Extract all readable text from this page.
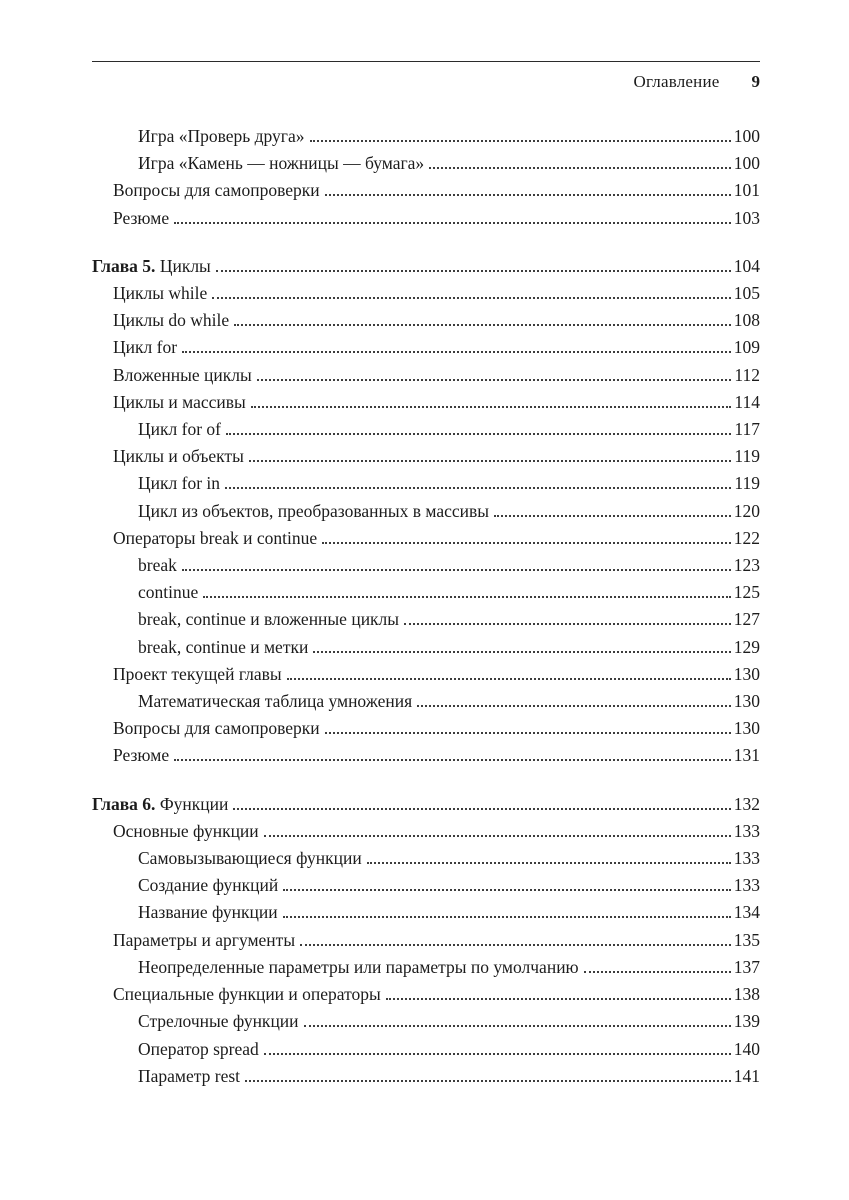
Оглавление 9
Игра «Проверь друга»	100
Игра «Камень — ножницы — бумага»	100
Вопросы для самопроверки	101
Резюме	103
Глава 5. Циклы	104
Циклы while	105
Циклы do while	108
Цикл for	109
Вложенные циклы	112
Циклы и массивы	114
Цикл for of	117
Циклы и объекты	119
Цикл for in	119
Цикл из объектов, преобразованных в массивы	120
Операторы break и continue	122
break	123
continue	125
break, continue и вложенные циклы	127
break, continue и метки	129
Проект текущей главы	130
Математическая таблица умножения	130
Вопросы для самопроверки	130
Резюме	131
Глава 6. Функции	132
Основные функции	133
Самовызывающиеся функции	133
Создание функций	133
Название функции	134
Параметры и аргументы	135
Неопределенные параметры или параметры по умолчанию	137
Специальные функции и операторы	138
Стрелочные функции	139
Оператор spread	140
Параметр rest	141
